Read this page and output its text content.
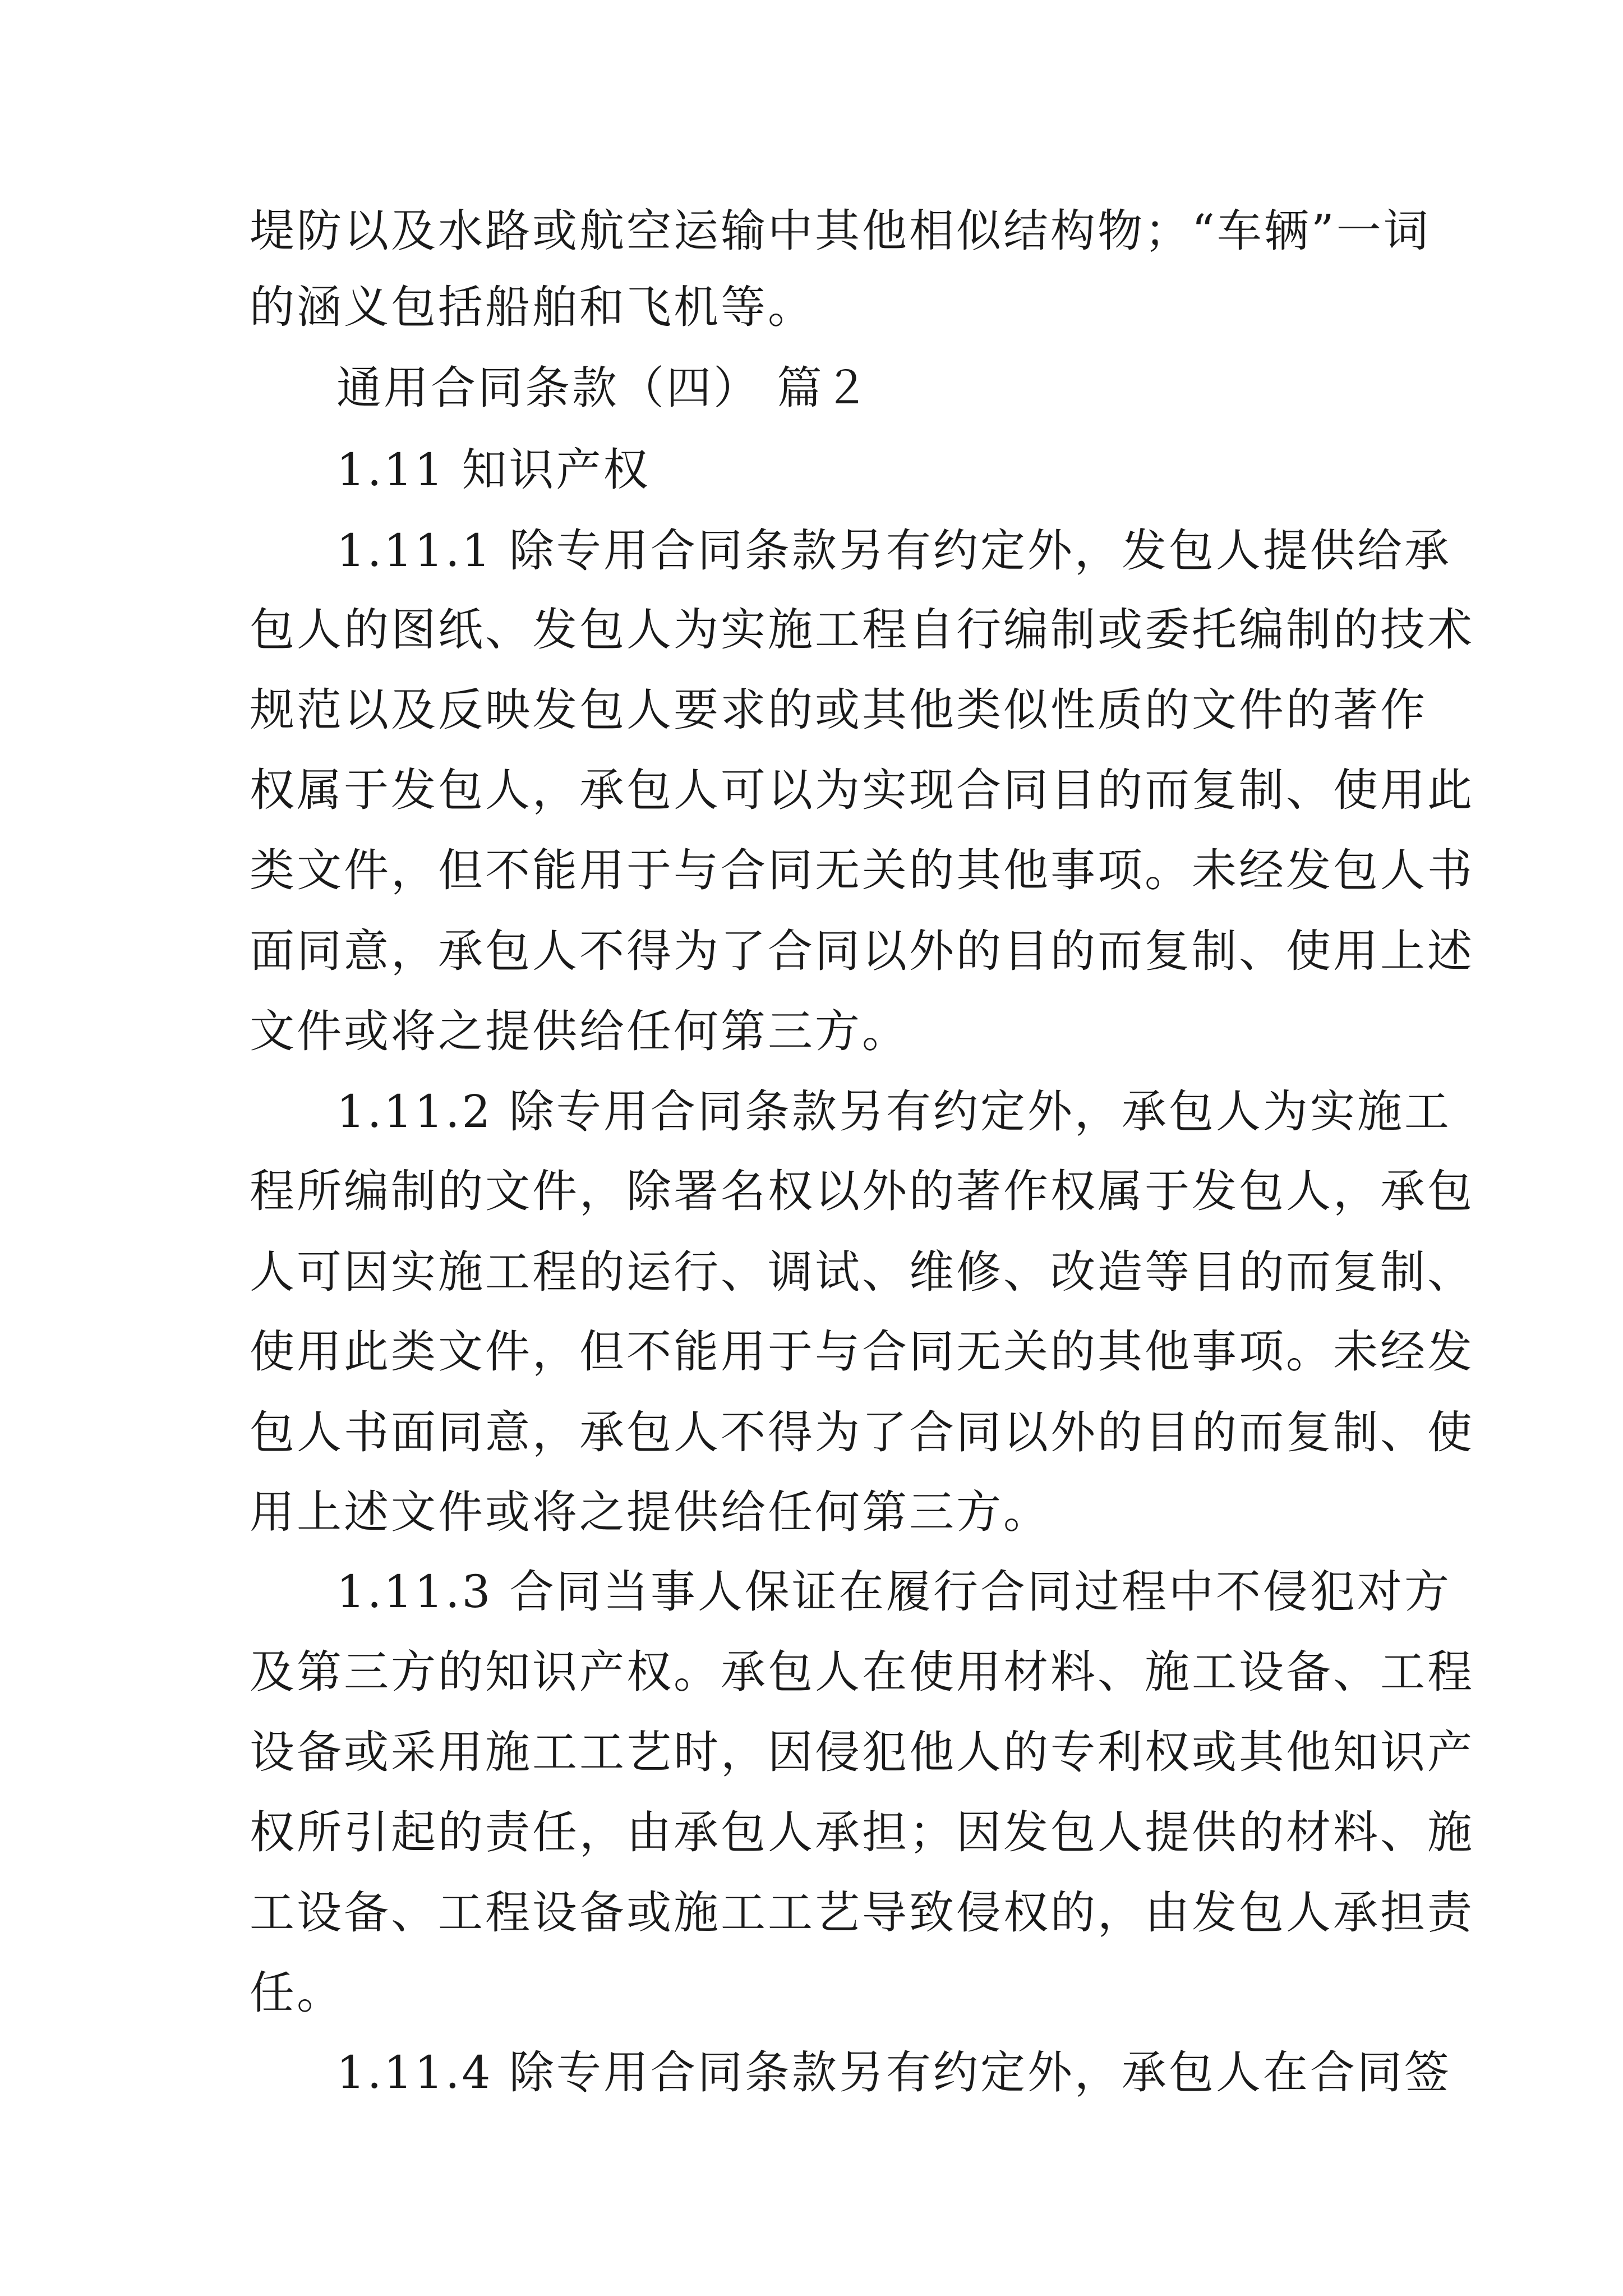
堤防以及水路或航空运输中其他相似结构物；“车辆”一词
的涵义包括船舶和飞机等。
通用合同条款（四） 篇２
1.11 知识产权
1.11.1 除专用合同条款另有约定外，发包人提供给承
包人的图纸、发包人为实施工程自行编制或委托编制的技术
规范以及反映发包人要求的或其他类似性质的文件的著作
权属于发包人，承包人可以为实现合同目的而复制、使用此
类文件，但不能用于与合同无关的其他事项。未经发包人书
面同意，承包人不得为了合同以外的目的而复制、使用上述
文件或将之提供给任何第三方。
1.11.2 除专用合同条款另有约定外，承包人为实施工
程所编制的文件，除署名权以外的著作权属于发包人，承包
人可因实施工程的运行、调试、维修、改造等目的而复制、
使用此类文件，但不能用于与合同无关的其他事项。未经发
包人书面同意，承包人不得为了合同以外的目的而复制、使
用上述文件或将之提供给任何第三方。
1.11.3 合同当事人保证在履行合同过程中不侵犯对方
及第三方的知识产权。承包人在使用材料、施工设备、工程
设备或采用施工工艺时，因侵犯他人的专利权或其他知识产
权所引起的责任，由承包人承担；因发包人提供的材料、施
工设备、工程设备或施工工艺导致侵权的，由发包人承担责
任。
1.11.4 除专用合同条款另有约定外，承包人在合同签
